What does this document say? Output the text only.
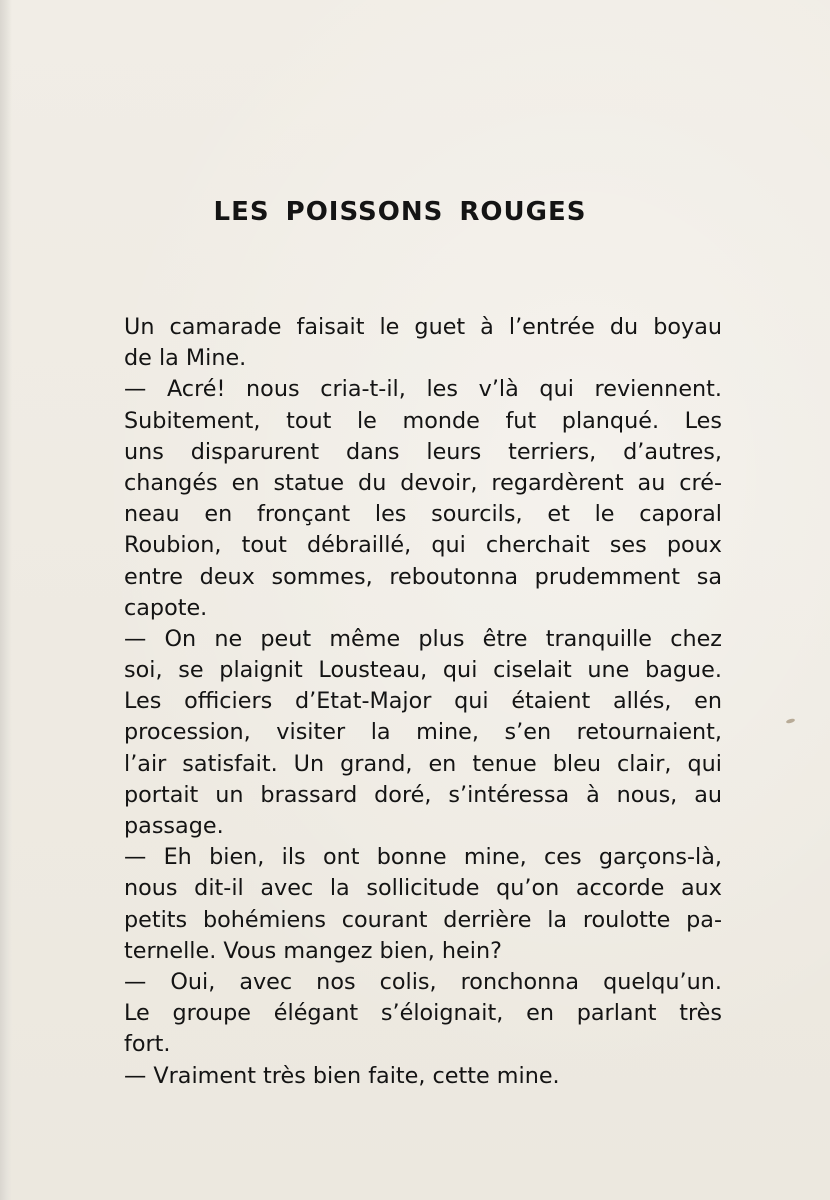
LES POISSONS ROUGES
Un camarade faisait le guet à l’entrée du boyau
de la Mine.
— Acré! nous cria-t-il, les v’là qui reviennent.
Subitement, tout le monde fut planqué. Les
uns disparurent dans leurs terriers, d’autres,
changés en statue du devoir, regardèrent au cré-
neau en fronçant les sourcils, et le caporal
Roubion, tout débraillé, qui cherchait ses poux
entre deux sommes, reboutonna prudemment sa
capote.
— On ne peut même plus être tranquille chez
soi, se plaignit Lousteau, qui ciselait une bague.
Les officiers d’Etat-Major qui étaient allés, en
procession, visiter la mine, s’en retournaient,
l’air satisfait. Un grand, en tenue bleu clair, qui
portait un brassard doré, s’intéressa à nous, au
passage.
— Eh bien, ils ont bonne mine, ces garçons-là,
nous dit-il avec la sollicitude qu’on accorde aux
petits bohémiens courant derrière la roulotte pa-
ternelle. Vous mangez bien, hein?
— Oui, avec nos colis, ronchonna quelqu’un.
Le groupe élégant s’éloignait, en parlant très
fort.
— Vraiment très bien faite, cette mine.
